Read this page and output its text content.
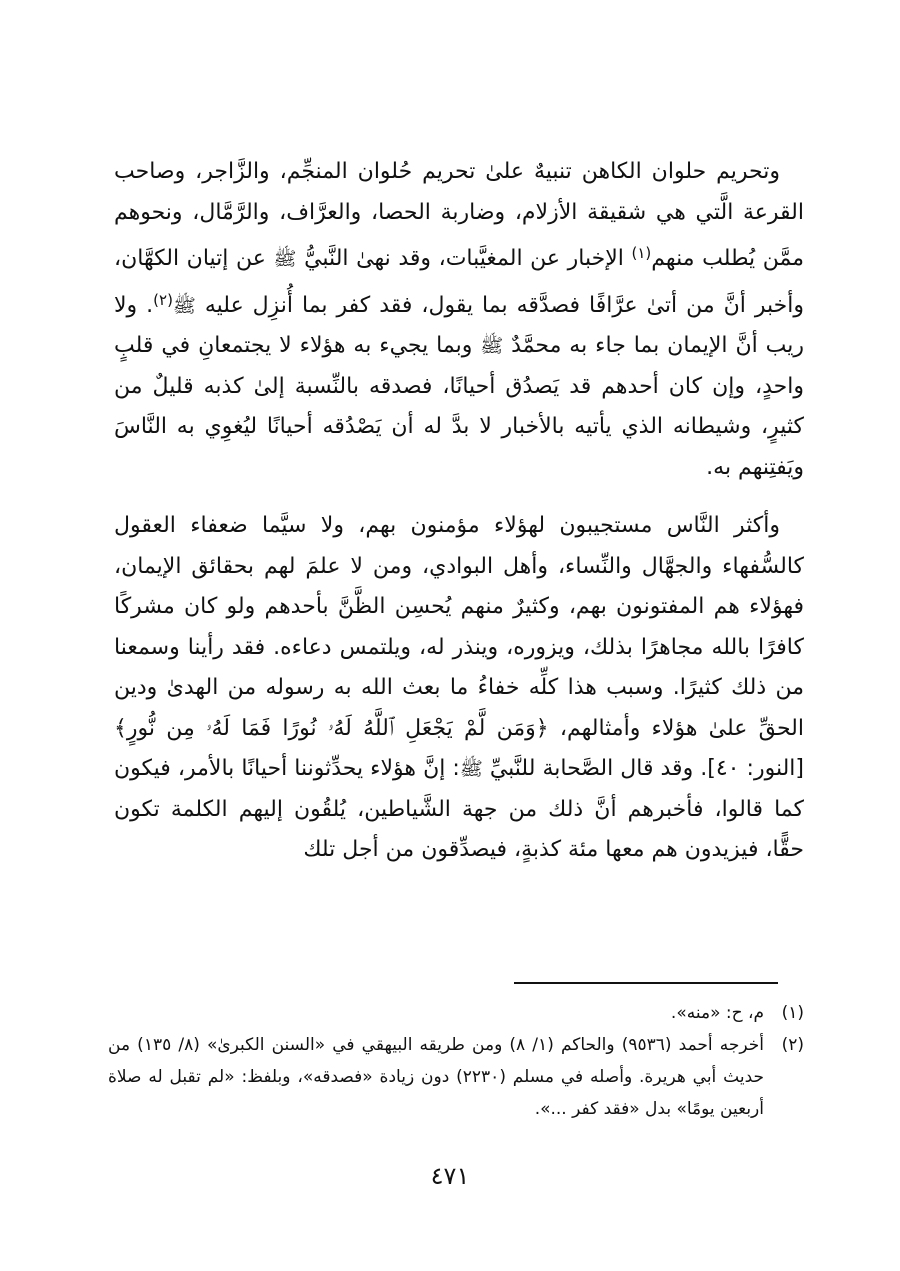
وتحريم حلوان الكاهن تنبيهٌ علىٰ تحريم حُلوان المنجِّم، والزَّاجر، وصاحب القرعة الَّتي هي شقيقة الأزلام، وضاربة الحصا، والعرَّاف، والرَّمَّال، ونحوهم ممَّن يُطلب منهم$^{(١)}$ الإخبار عن المغيَّبات، وقد نهىٰ النَّبيُّ ﷺ عن إتيان الكهَّان، وأخبر أنَّ من أتىٰ عرَّافًا فصدَّقه بما يقول، فقد كفر بما أُنزِل عليه ﷺ$^{(٢)}$. ولا ريب أنَّ الإيمان بما جاء به محمَّدٌ ﷺ وبما يجيء به هؤلاء لا يجتمعانِ في قلبٍ واحدٍ، وإن كان أحدهم قد يَصدُق أحيانًا، فصدقه بالنِّسبة إلىٰ كذبه قليلٌ من كثيرٍ، وشيطانه الذي يأتيه بالأخبار لا بدَّ له أن يَصْدُقه أحيانًا ليُغوِي به النَّاسَ ويَفتِنهم به.

وأكثر النَّاس مستجيبون لهؤلاء مؤمنون بهم، ولا سيَّما ضعفاء العقول كالسُّفهاء والجهَّال والنِّساء، وأهل البوادي، ومن لا علمَ لهم بحقائق الإيمان، فهؤلاء هم المفتونون بهم، وكثيرٌ منهم يُحسِن الظَّنَّ بأحدهم ولو كان مشركًا كافرًا بالله مجاهرًا بذلك، ويزوره، وينذر له، ويلتمس دعاءه. فقد رأينا وسمعنا من ذلك كثيرًا. وسبب هذا كلِّه خفاءُ ما بعث الله به رسوله من الهدىٰ ودين الحقِّ علىٰ هؤلاء وأمثالهم، ﴿وَمَن لَّمْ يَجْعَلِ ٱللَّهُ لَهُۥ نُورًا فَمَا لَهُۥ مِن نُّورٍ﴾ [النور: ٤٠]. وقد قال الصَّحابة للنَّبيِّ ﷺ: إنَّ هؤلاء يحدِّثوننا أحيانًا بالأمر، فيكون كما قالوا، فأخبرهم أنَّ ذلك من جهة الشَّياطين، يُلقُون إليهم الكلمة تكون حقًّا، فيزيدون هم معها مئة كذبةٍ، فيصدِّقون من أجل تلك

(١)
م، ح: «منه».

(٢)
أخرجه أحمد (٩٥٣٦) والحاكم (١/ ٨) ومن طريقه البيهقي في «السنن الكبرىٰ» (٨/ ١٣٥) من حديث أبي هريرة. وأصله في مسلم (٢٢٣٠) دون زيادة «فصدقه»، وبلفظ: «لم تقبل له صلاة أربعين يومًا» بدل «فقد كفر ...».

٤٧١
